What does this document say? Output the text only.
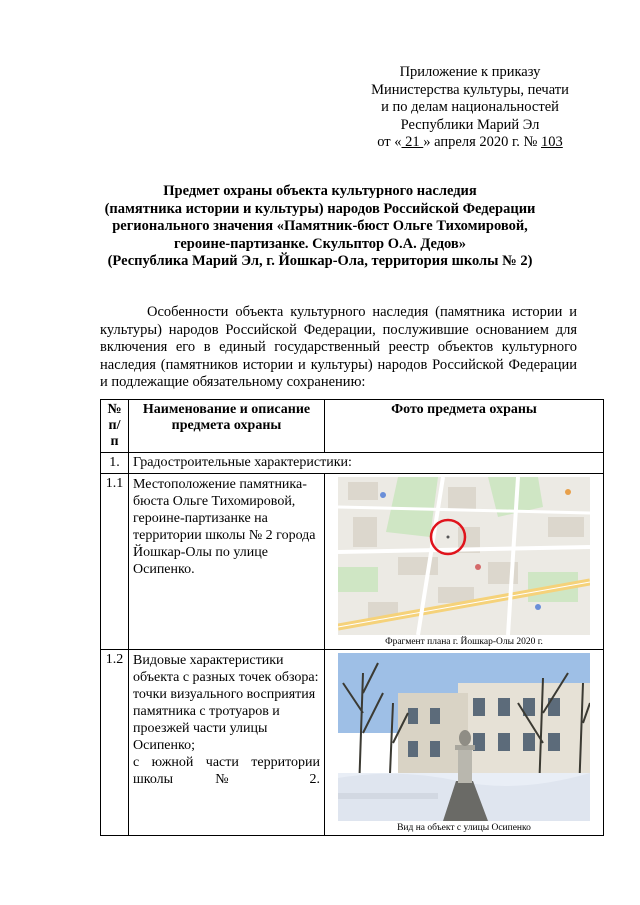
Приложение к приказу
Министерства культуры, печати
и по делам национальностей
Республики Марий Эл
от « 21 » апреля 2020 г. № 103
Предмет охраны объекта культурного наследия
(памятника истории и культуры) народов Российской Федерации
регионального значения «Памятник-бюст Ольге Тихомировой,
героине-партизанке. Скульптор О.А. Дедов»
(Республика Марий Эл, г. Йошкар-Ола, территория школы № 2)

Особенности объекта культурного наследия (памятника истории и культуры) народов Российской Федерации, послужившие основанием для включения его в единый государственный реестр объектов культурного наследия (памятников истории и культуры) народов Российской Федерации и подлежащие обязательному сохранению:

№ п/п	Наименование и описание предмета охраны	Фото предмета охраны
1.	Градостроительные характеристики:	
1.1	Местоположение памятника-бюста Ольге Тихомировой, героине-партизанке на территории школы № 2 города Йошкар-Олы по улице Осипенко.	Фрагмент плана г. Йошкар-Олы 2020 г.

1.2	Видовые характеристики объекта с разных точек обзора: точки визуального восприятия памятника с тротуаров и проезжей части улицы Осипенко;
с южной части территории школы № 2.	Вид на объект с улицы Осипенко
